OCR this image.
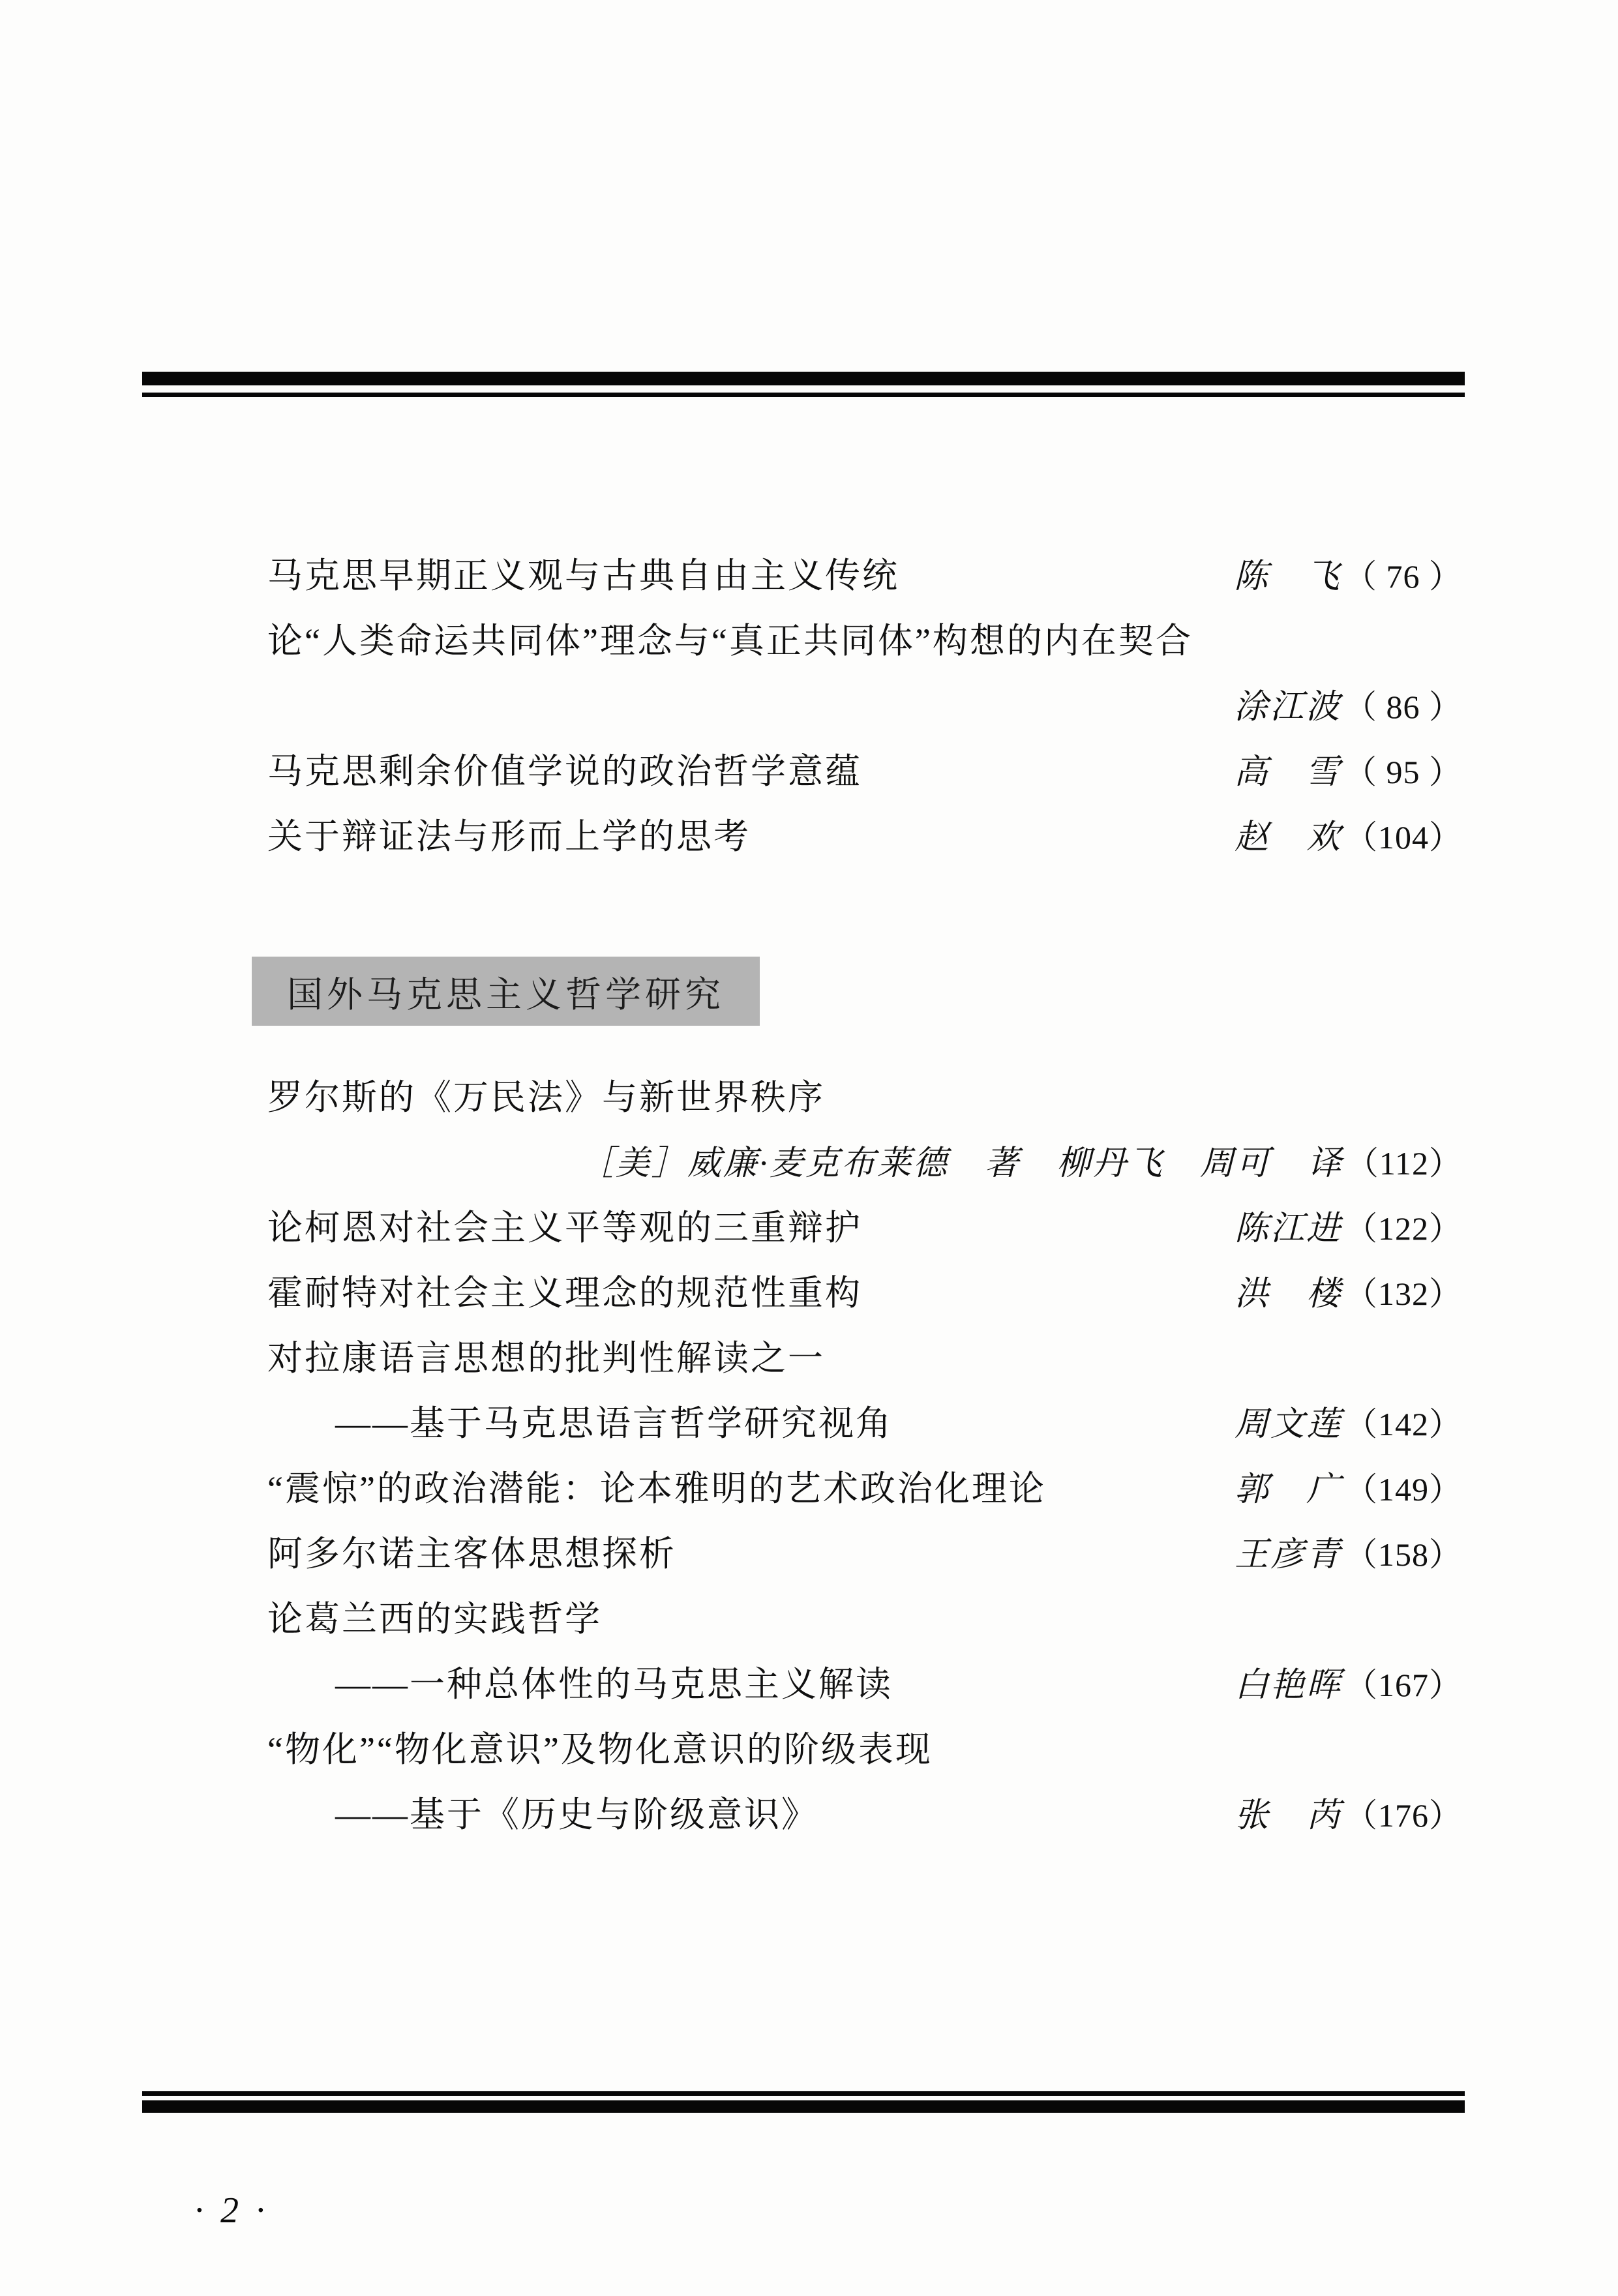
马克思早期正义观与古典自由主义传统	陈　飞 （ 76 ）
论“人类命运共同体”理念与“真正共同体”构想的内在契合
涂江波 （ 86 ）
马克思剩余价值学说的政治哲学意蕴	高　雪 （ 95 ）
关于辩证法与形而上学的思考	赵　欢 （104）
国外马克思主义哲学研究
罗尔斯的《万民法》与新世界秩序
［美］威廉·麦克布莱德　著　柳丹飞　周可　译 （112）
论柯恩对社会主义平等观的三重辩护	陈江进 （122）
霍耐特对社会主义理念的规范性重构	洪　楼 （132）
对拉康语言思想的批判性解读之一
——基于马克思语言哲学研究视角	周文莲 （142）
“震惊”的政治潜能：论本雅明的艺术政治化理论	郭　广 （149）
阿多尔诺主客体思想探析	王彦青 （158）
论葛兰西的实践哲学
——一种总体性的马克思主义解读	白艳晖 （167）
“物化”“物化意识”及物化意识的阶级表现
——基于《历史与阶级意识》	张　芮 （176）
· 2 ·
